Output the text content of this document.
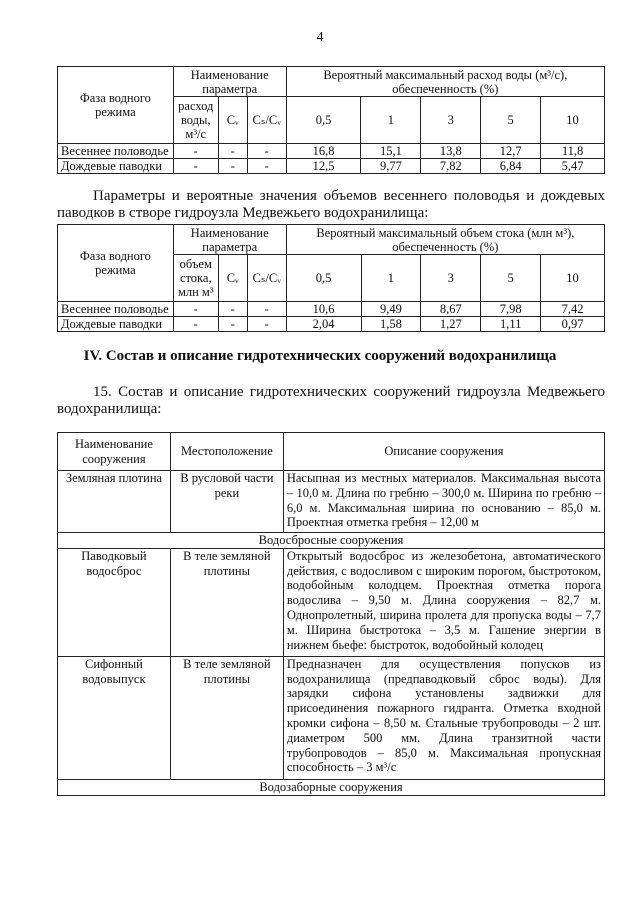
4
Фаза водного режима	Наименование параметра			Вероятный максимальный расход воды (м³/с), обеспеченность (%)				
	расход воды, м³/с	Cᵥ	Cₛ/Cᵥ	0,5	1	3	5	10
Весеннее половодье	-	-	-	16,8	15,1	13,8	12,7	11,8
Дождевые паводки	-	-	-	12,5	9,77	7,82	6,84	5,47
Параметры и вероятные значения объемов весеннего половодья и дождевых паводков в створе гидроузла Медвежьего водохранилища:
Фаза водного режима	Наименование параметра			Вероятный максимальный объем стока (млн м³), обеспеченность (%)				
	объем стока, млн м³	Cᵥ	Cₛ/Cᵥ	0,5	1	3	5	10
Весеннее половодье	-	-	-	10,6	9,49	8,67	7,98	7,42
Дождевые паводки	-	-	-	2,04	1,58	1,27	1,11	0,97
IV. Состав и описание гидротехнических сооружений водохранилища
15. Состав и описание гидротехнических сооружений гидроузла Медвежьего водохранилища:
Наименование сооружения	Местоположение	Описание сооружения
Земляная плотина	В русловой части реки	Насыпная из местных материалов. Максимальная высота – 10,0 м. Длина по гребню – 300,0 м. Ширина по гребню – 6,0 м. Максимальная ширина по основанию – 85,0 м. Проектная отметка гребня – 12,00 м
Водосбросные сооружения		
Паводковый водосброс	В теле земляной плотины	Открытый водосброс из железобетона, автоматического действия, с водосливом с широким порогом, быстротоком, водобойным колодцем. Проектная отметка порога водослива – 9,50 м. Длина сооружения – 82,7 м. Однопролетный, ширина пролета для пропуска воды – 7,7 м. Ширина быстротока – 3,5 м. Гашение энергии в нижнем бьефе: быстроток, водобойный колодец
Сифонный водовыпуск	В теле земляной плотины	Предназначен для осуществления попусков из водохранилища (предпаводковый сброс воды). Для зарядки сифона установлены задвижки для присоединения пожарного гидранта. Отметка входной кромки сифона – 8,50 м. Стальные трубопроводы – 2 шт. диаметром 500 мм. Длина транзитной части трубопроводов – 85,0 м. Максимальная пропускная способность – 3 м³/с
Водозаборные сооружения		
